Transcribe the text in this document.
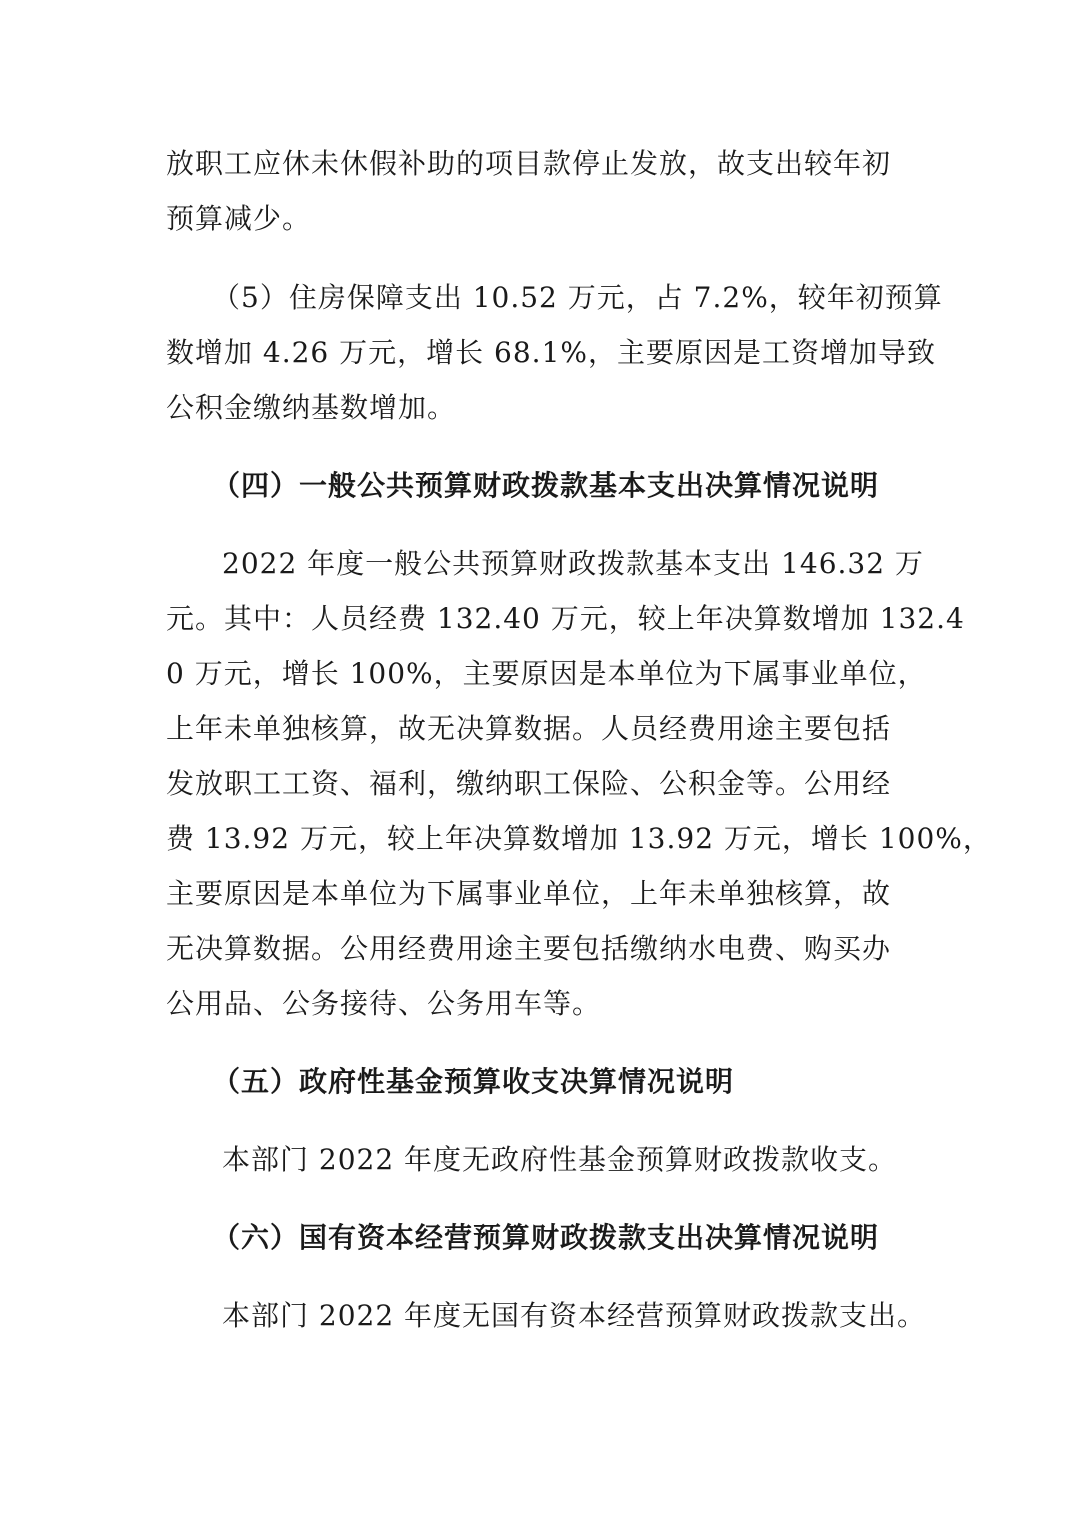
放职工应休未休假补助的项目款停止发放，故支出较年初
预算减少。
（5）住房保障支出 10.52 万元，占 7.2%，较年初预算
数增加 4.26 万元，增长 68.1%，主要原因是工资增加导致
公积金缴纳基数增加。
（四）一般公共预算财政拨款基本支出决算情况说明
2022 年度一般公共预算财政拨款基本支出 146.32 万
元。其中：人员经费 132.40 万元，较上年决算数增加 132.4
0 万元，增长 100%，主要原因是本单位为下属事业单位，
上年未单独核算，故无决算数据。人员经费用途主要包括
发放职工工资、福利，缴纳职工保险、公积金等。公用经
费 13.92 万元，较上年决算数增加 13.92 万元，增长 100%，
主要原因是本单位为下属事业单位，上年未单独核算，故
无决算数据。公用经费用途主要包括缴纳水电费、购买办
公用品、公务接待、公务用车等。
（五）政府性基金预算收支决算情况说明
本部门 2022 年度无政府性基金预算财政拨款收支。
（六）国有资本经营预算财政拨款支出决算情况说明
本部门 2022 年度无国有资本经营预算财政拨款支出。
